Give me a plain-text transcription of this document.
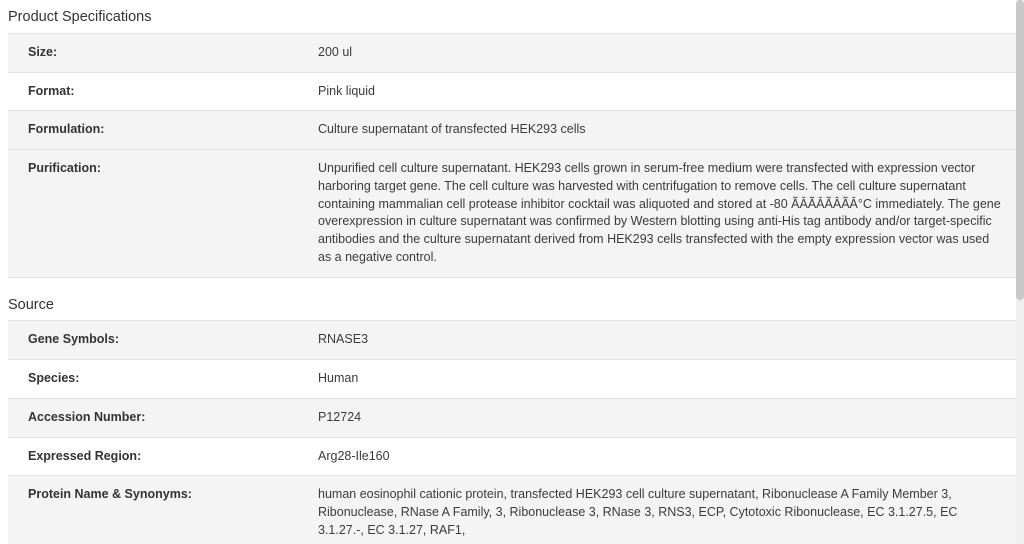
Product Specifications
Size:	200 ul
Format:	Pink liquid
Formulation:	Culture supernatant of transfected HEK293 cells
Purification:	Unpurified cell culture supernatant. HEK293 cells grown in serum-free medium were transfected with expression vector harboring target gene. The cell culture was harvested with centrifugation to remove cells. The cell culture supernatant containing mammalian cell protease inhibitor cocktail was aliquoted and stored at -80 ÃÂÃÂÃÂÃÂ°C immediately. The gene overexpression in culture supernatant was confirmed by Western blotting using anti-His tag antibody and/or target-specific antibodies and the culture supernatant derived from HEK293 cells transfected with the empty expression vector was used as a negative control.
Source
Gene Symbols:	RNASE3
Species:	Human
Accession Number:	P12724
Expressed Region:	Arg28-Ile160
Protein Name & Synonyms:	human eosinophil cationic protein, transfected HEK293 cell culture supernatant, Ribonuclease A Family Member 3, Ribonuclease, RNase A Family, 3, Ribonuclease 3, RNase 3, RNS3, ECP, Cytotoxic Ribonuclease, EC 3.1.27.5, EC 3.1.27.-, EC 3.1.27, RAF1,
